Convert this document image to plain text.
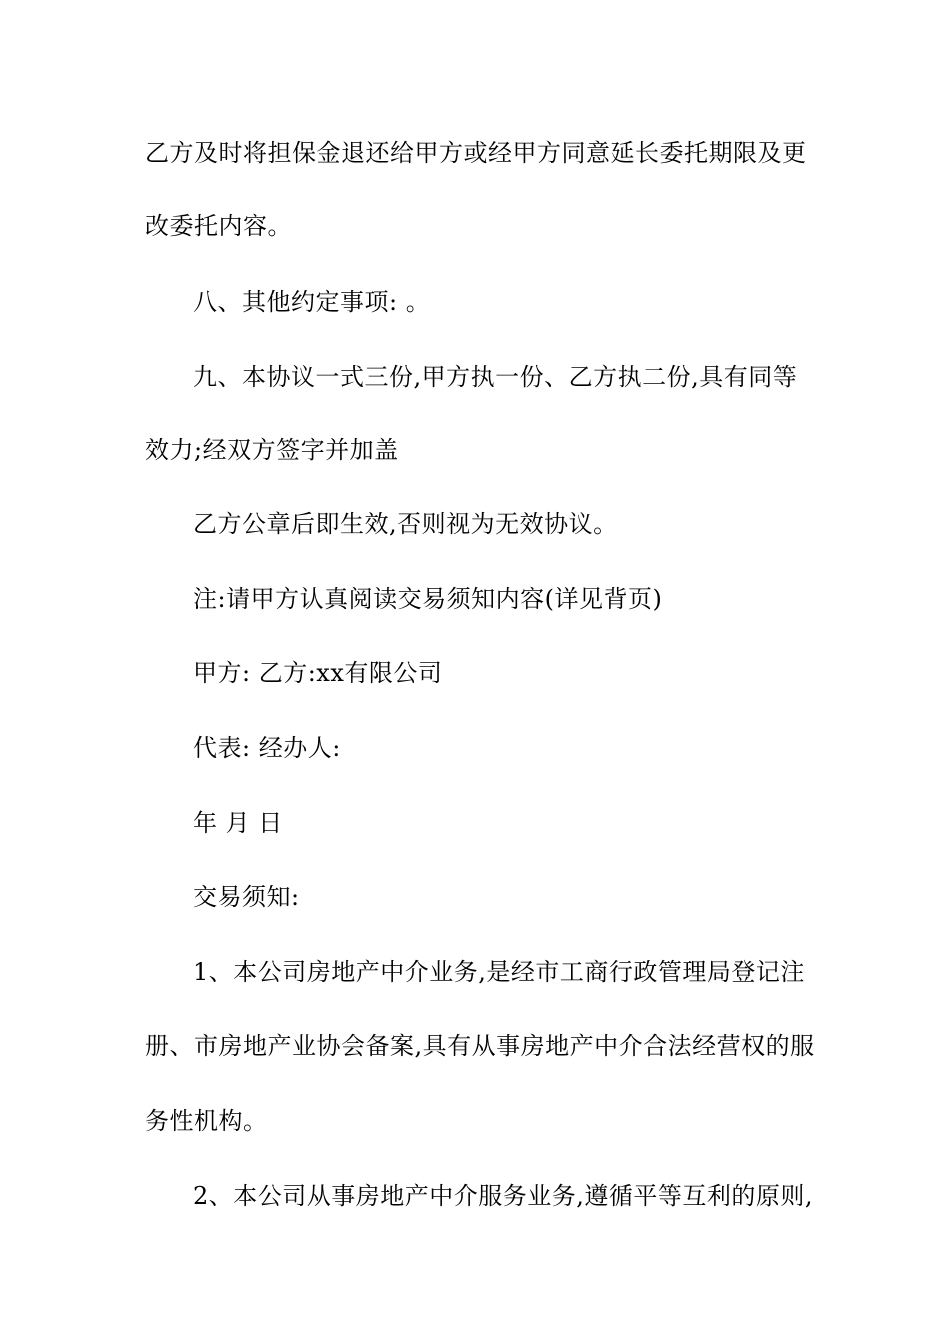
乙方及时将担保金退还给甲方或经甲方同意延长委托期限及更
改委托内容。
八、其他约定事项: 。
九、本协议一式三份,甲方执一份、乙方执二份,具有同等
效力;经双方签字并加盖
乙方公章后即生效,否则视为无效协议。
注:请甲方认真阅读交易须知内容(详见背页)
甲方: 乙方:xx有限公司
代表: 经办人:
年 月 日
交易须知:
1、本公司房地产中介业务,是经市工商行政管理局登记注
册、市房地产业协会备案,具有从事房地产中介合法经营权的服
务性机构。
2、本公司从事房地产中介服务业务,遵循平等互利的原则,
